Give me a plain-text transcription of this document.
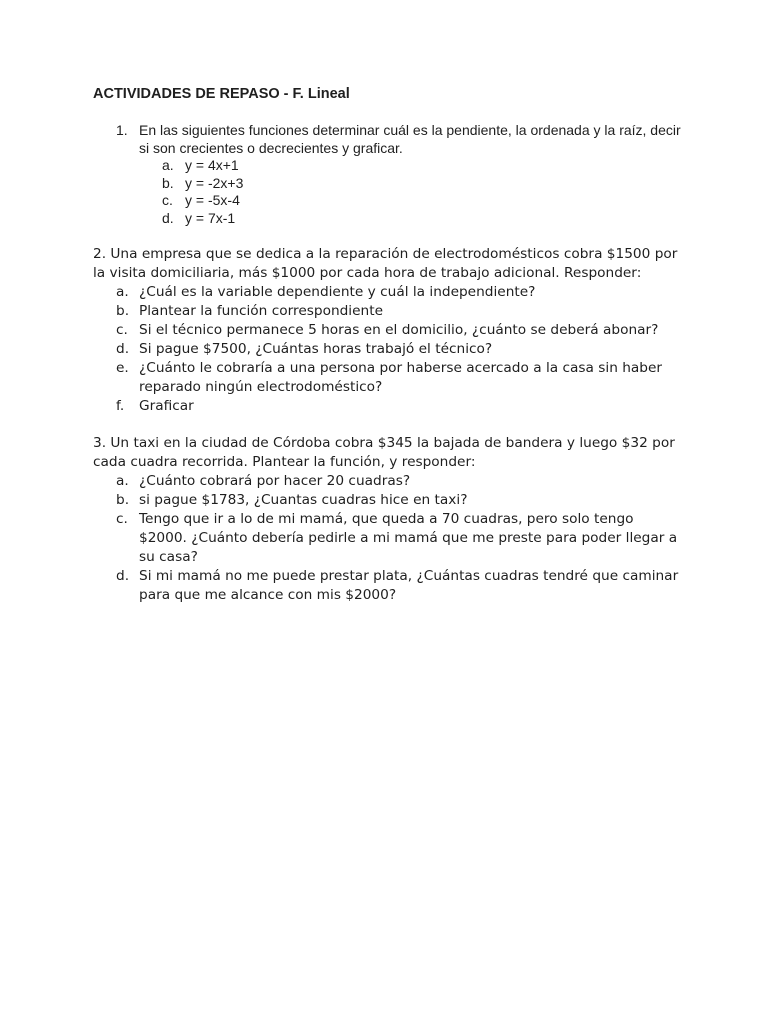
ACTIVIDADES DE REPASO - F. Lineal
1. En las siguientes funciones determinar cuál es la pendiente, la ordenada y la raíz, decir si son crecientes o decrecientes y graficar.
a. y = 4x+1
b. y = -2x+3
c. y = -5x-4
d. y = 7x-1
2. Una empresa que se dedica a la reparación de electrodomésticos cobra $1500 por la visita domiciliaria, más $1000 por cada hora de trabajo adicional. Responder:
a. ¿Cuál es la variable dependiente y cuál la independiente?
b. Plantear la función correspondiente
c. Si el técnico permanece 5 horas en el domicilio, ¿cuánto se deberá abonar?
d. Si pague $7500, ¿Cuántas horas trabajó el técnico?
e. ¿Cuánto le cobraría a una persona por haberse acercado a la casa sin haber reparado ningún electrodoméstico?
f. Graficar
3. Un taxi en la ciudad de Córdoba cobra $345 la bajada de bandera y luego $32 por cada cuadra recorrida. Plantear la función, y responder:
a. ¿Cuánto cobrará por hacer 20 cuadras?
b. si pague $1783, ¿Cuantas cuadras hice en taxi?
c. Tengo que ir a lo de mi mamá, que queda a 70 cuadras, pero solo tengo $2000. ¿Cuánto debería pedirle a mi mamá que me preste para poder llegar a su casa?
d. Si mi mamá no me puede prestar plata, ¿Cuántas cuadras tendré que caminar para que me alcance con mis $2000?
